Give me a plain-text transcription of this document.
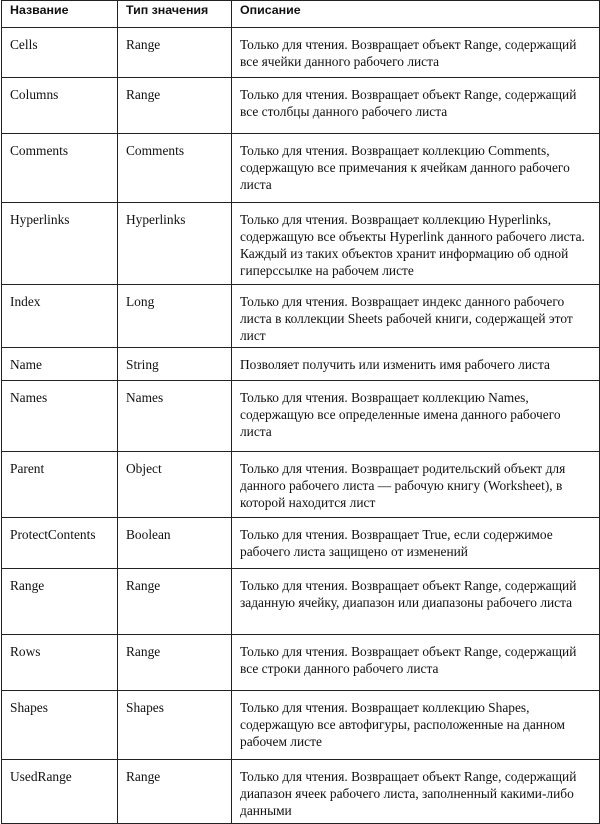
Название	Тип значения	Описание
Cells	Range	Только для чтения. Возвращает объект Range, содержащий все ячейки данного рабочего листа
Columns	Range	Только для чтения. Возвращает объект Range, содержащий все столбцы данного рабочего листа
Comments	Comments	Только для чтения. Возвращает коллекцию Comments, содержащую все примечания к ячейкам данного рабочего листа
Hyperlinks	Hyperlinks	Только для чтения. Возвращает коллекцию Hyperlinks, содержащую все объекты Hyperlink данного рабочего листа. Каждый из таких объектов хранит информацию об одной гиперссылке на рабочем листе
Index	Long	Только для чтения. Возвращает индекс данного рабочего листа в коллекции Sheets рабочей книги, содержащей этот лист
Name	String	Позволяет получить или изменить имя рабочего листа
Names	Names	Только для чтения. Возвращает коллекцию Names, содержащую все определенные имена данного рабочего листа
Parent	Object	Только для чтения. Возвращает родительский объект для данного рабочего листа — рабочую книгу (Worksheet), в которой находится лист
ProtectContents	Boolean	Только для чтения. Возвращает True, если содержимое рабочего листа защищено от изменений
Range	Range	Только для чтения. Возвращает объект Range, содержащий заданную ячейку, диапазон или диапазоны рабочего листа
Rows	Range	Только для чтения. Возвращает объект Range, содержащий все строки данного рабочего листа
Shapes	Shapes	Только для чтения. Возвращает коллекцию Shapes, содержащую все автофигуры, расположенные на данном рабочем листе
UsedRange	Range	Только для чтения. Возвращает объект Range, содержащий диапазон ячеек рабочего листа, заполненный какими-либо данными
